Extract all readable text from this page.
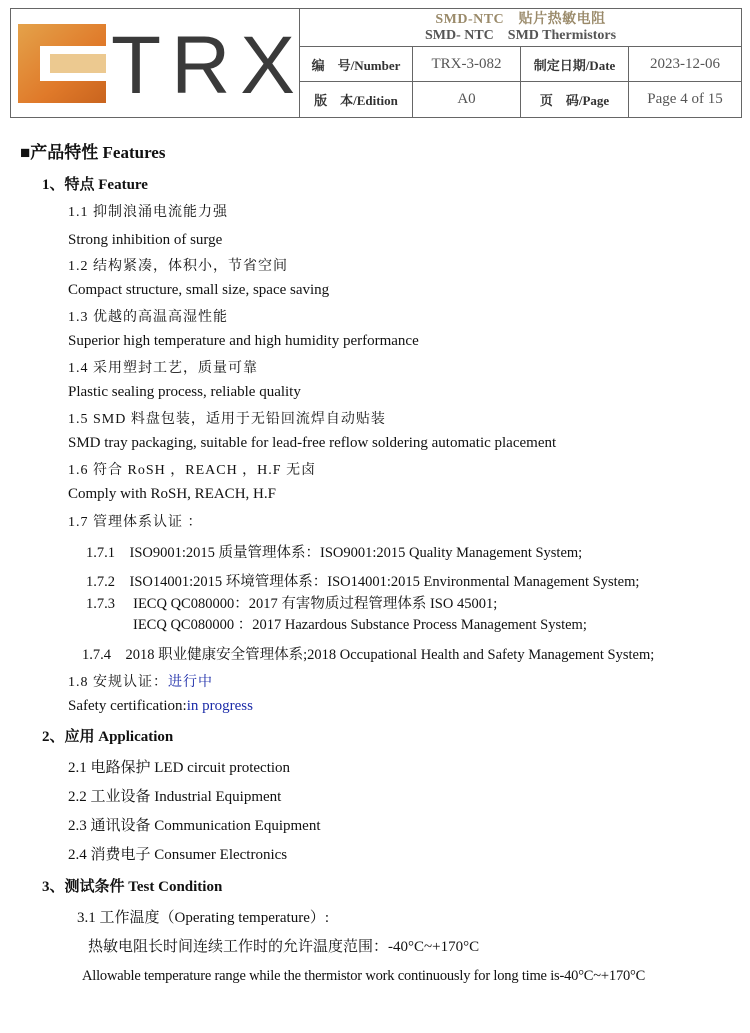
TRX
SMD-NTC　贴片热敏电阻
SMD- NTC　SMD Thermistors
编　号/Number	TRX-3-082	制定日期/Date	2023-12-06
版　本/Edition	A0	页　码/Page	Page 4 of 15
■产品特性 Features
1、特点 Feature
1.1 抑制浪涌电流能力强
Strong inhibition of surge
1.2 结构紧凑，体积小，节省空间
Compact structure, small size, space saving
1.3 优越的高温高湿性能
Superior high temperature and high humidity performance
1.4 采用塑封工艺，质量可靠
Plastic sealing process, reliable quality
1.5 SMD 料盘包装，适用于无铅回流焊自动贴装
SMD tray packaging, suitable for lead-free reflow soldering automatic placement
1.6 符合 RoSH ，REACH ，H.F 无卤
Comply with RoSH, REACH, H.F
1.7 管理体系认证 ：
1.7.1　ISO9001:2015 质量管理体系：ISO9001:2015 Quality Management System;
1.7.2　ISO14001:2015 环境管理体系：ISO14001:2015 Environmental Management System;
1.7.3　 IECQ QC080000：2017 有害物质过程管理体系 ISO 45001;
IECQ QC080000 ：2017 Hazardous Substance Process Management System;
1.7.4　2018 职业健康安全管理体系;2018 Occupational Health and Safety Management System;
1.8 安规认证：进行中
Safety certification:in progress
2、应用 Application
2.1 电路保护 LED circuit protection
2.2 工业设备 Industrial Equipment
2.3 通讯设备 Communication Equipment
2.4 消费电子 Consumer Electronics
3、测试条件 Test Condition
3.1 工作温度（Operating temperature）:
热敏电阻长时间连续工作时的允许温度范围：-40°C~+170°C
Allowable temperature range while the thermistor work continuously for long time is-40°C~+170°C
